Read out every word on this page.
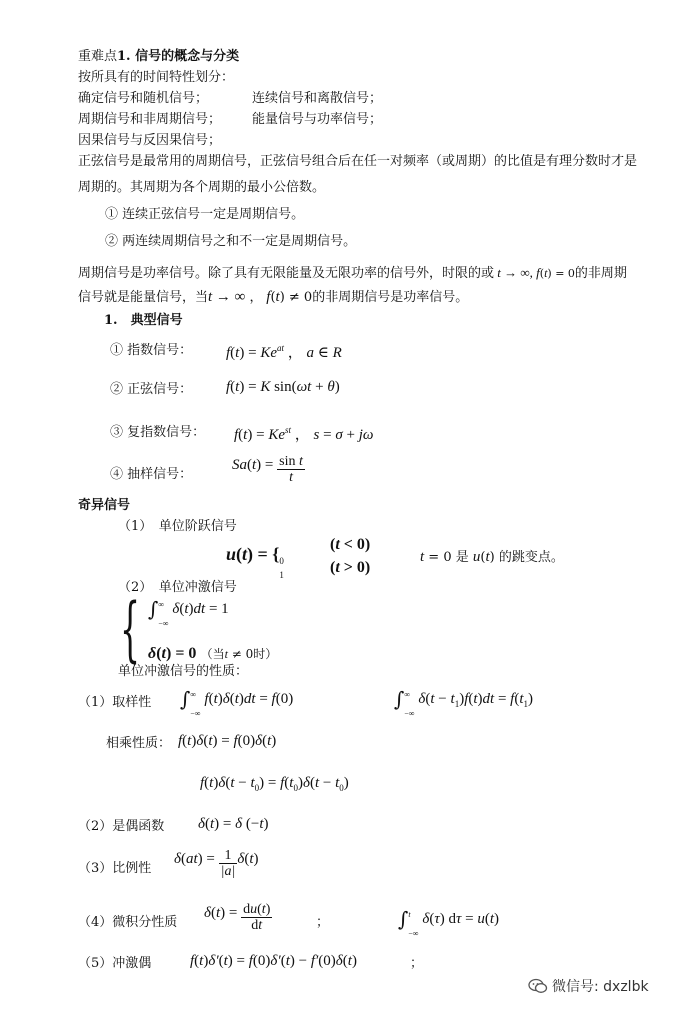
重难点1. 信号的概念与分类
按所具有的时间特性划分：
确定信号和随机信号；	连续信号和离散信号；
周期信号和非周期信号； 能量信号与功率信号；
因果信号与反因果信号；
正弦信号是最常用的周期信号，正弦信号组合后在任一对频率（或周期）的比值是有理分数时才是
周期的。其周期为各个周期的最小公倍数。
① 连续正弦信号一定是周期信号。
② 两连续周期信号之和不一定是周期信号。
周期信号是功率信号。除了具有无限能量及无限功率的信号外，时限的或 t → ∞, f(t) = 0的非周期
信号就是能量信号，当t → ∞ ， f(t) ≠ 0的非周期信号是功率信号。
1.　典型信号
① 指数信号： $f(t) = Ke^{at}$ ， a ∈ R
② 正弦信号： f(t) = K sin(ωt + θ)
③ 复指数信号： $f(t) = Ke^{st}$ ， s = σ + jω
④ 抽样信号：
$Sa(t) = \frac{\text{sin t}}{t}$
奇异信号
（1）　单位阶跃信号
u(t) = { 0
1
(t < 0)
(t > 0)
t = 0 是 u(t) 的跳变点。
（2）　单位冲激信号
{ ∫ ∞
−∞
δ(t)dt = 1
δ(t) = 0 （当t ≠ 0时）
单位冲激信号的性质：
（1）取样性 ∫ ∞
−∞
f(t)δ(t)dt = f(0)	∫ ∞
−∞
$\delta(t - t_1)f(t)dt = f(t_1)$
相乘性质： f(t)δ(t) = f(0)δ(t)
$f(t)\delta(t - t_0) = f(t_0)\delta(t - t_0)$
（2）是偶函数 δ(t) = δ (−t)
（3）比例性
$\delta(at) = \frac{1}{|a|} \delta(t)$
（4）微积分性质
$\delta(t) = \frac{du(t)}{dt}$	；	∫ t
−∞
δ(τ) dτ = u(t)
（5）冲激偶	f(t)δ′(t) = f(0)δ′(t) − f′(0)δ(t)	；
微信号: dxzlbk
